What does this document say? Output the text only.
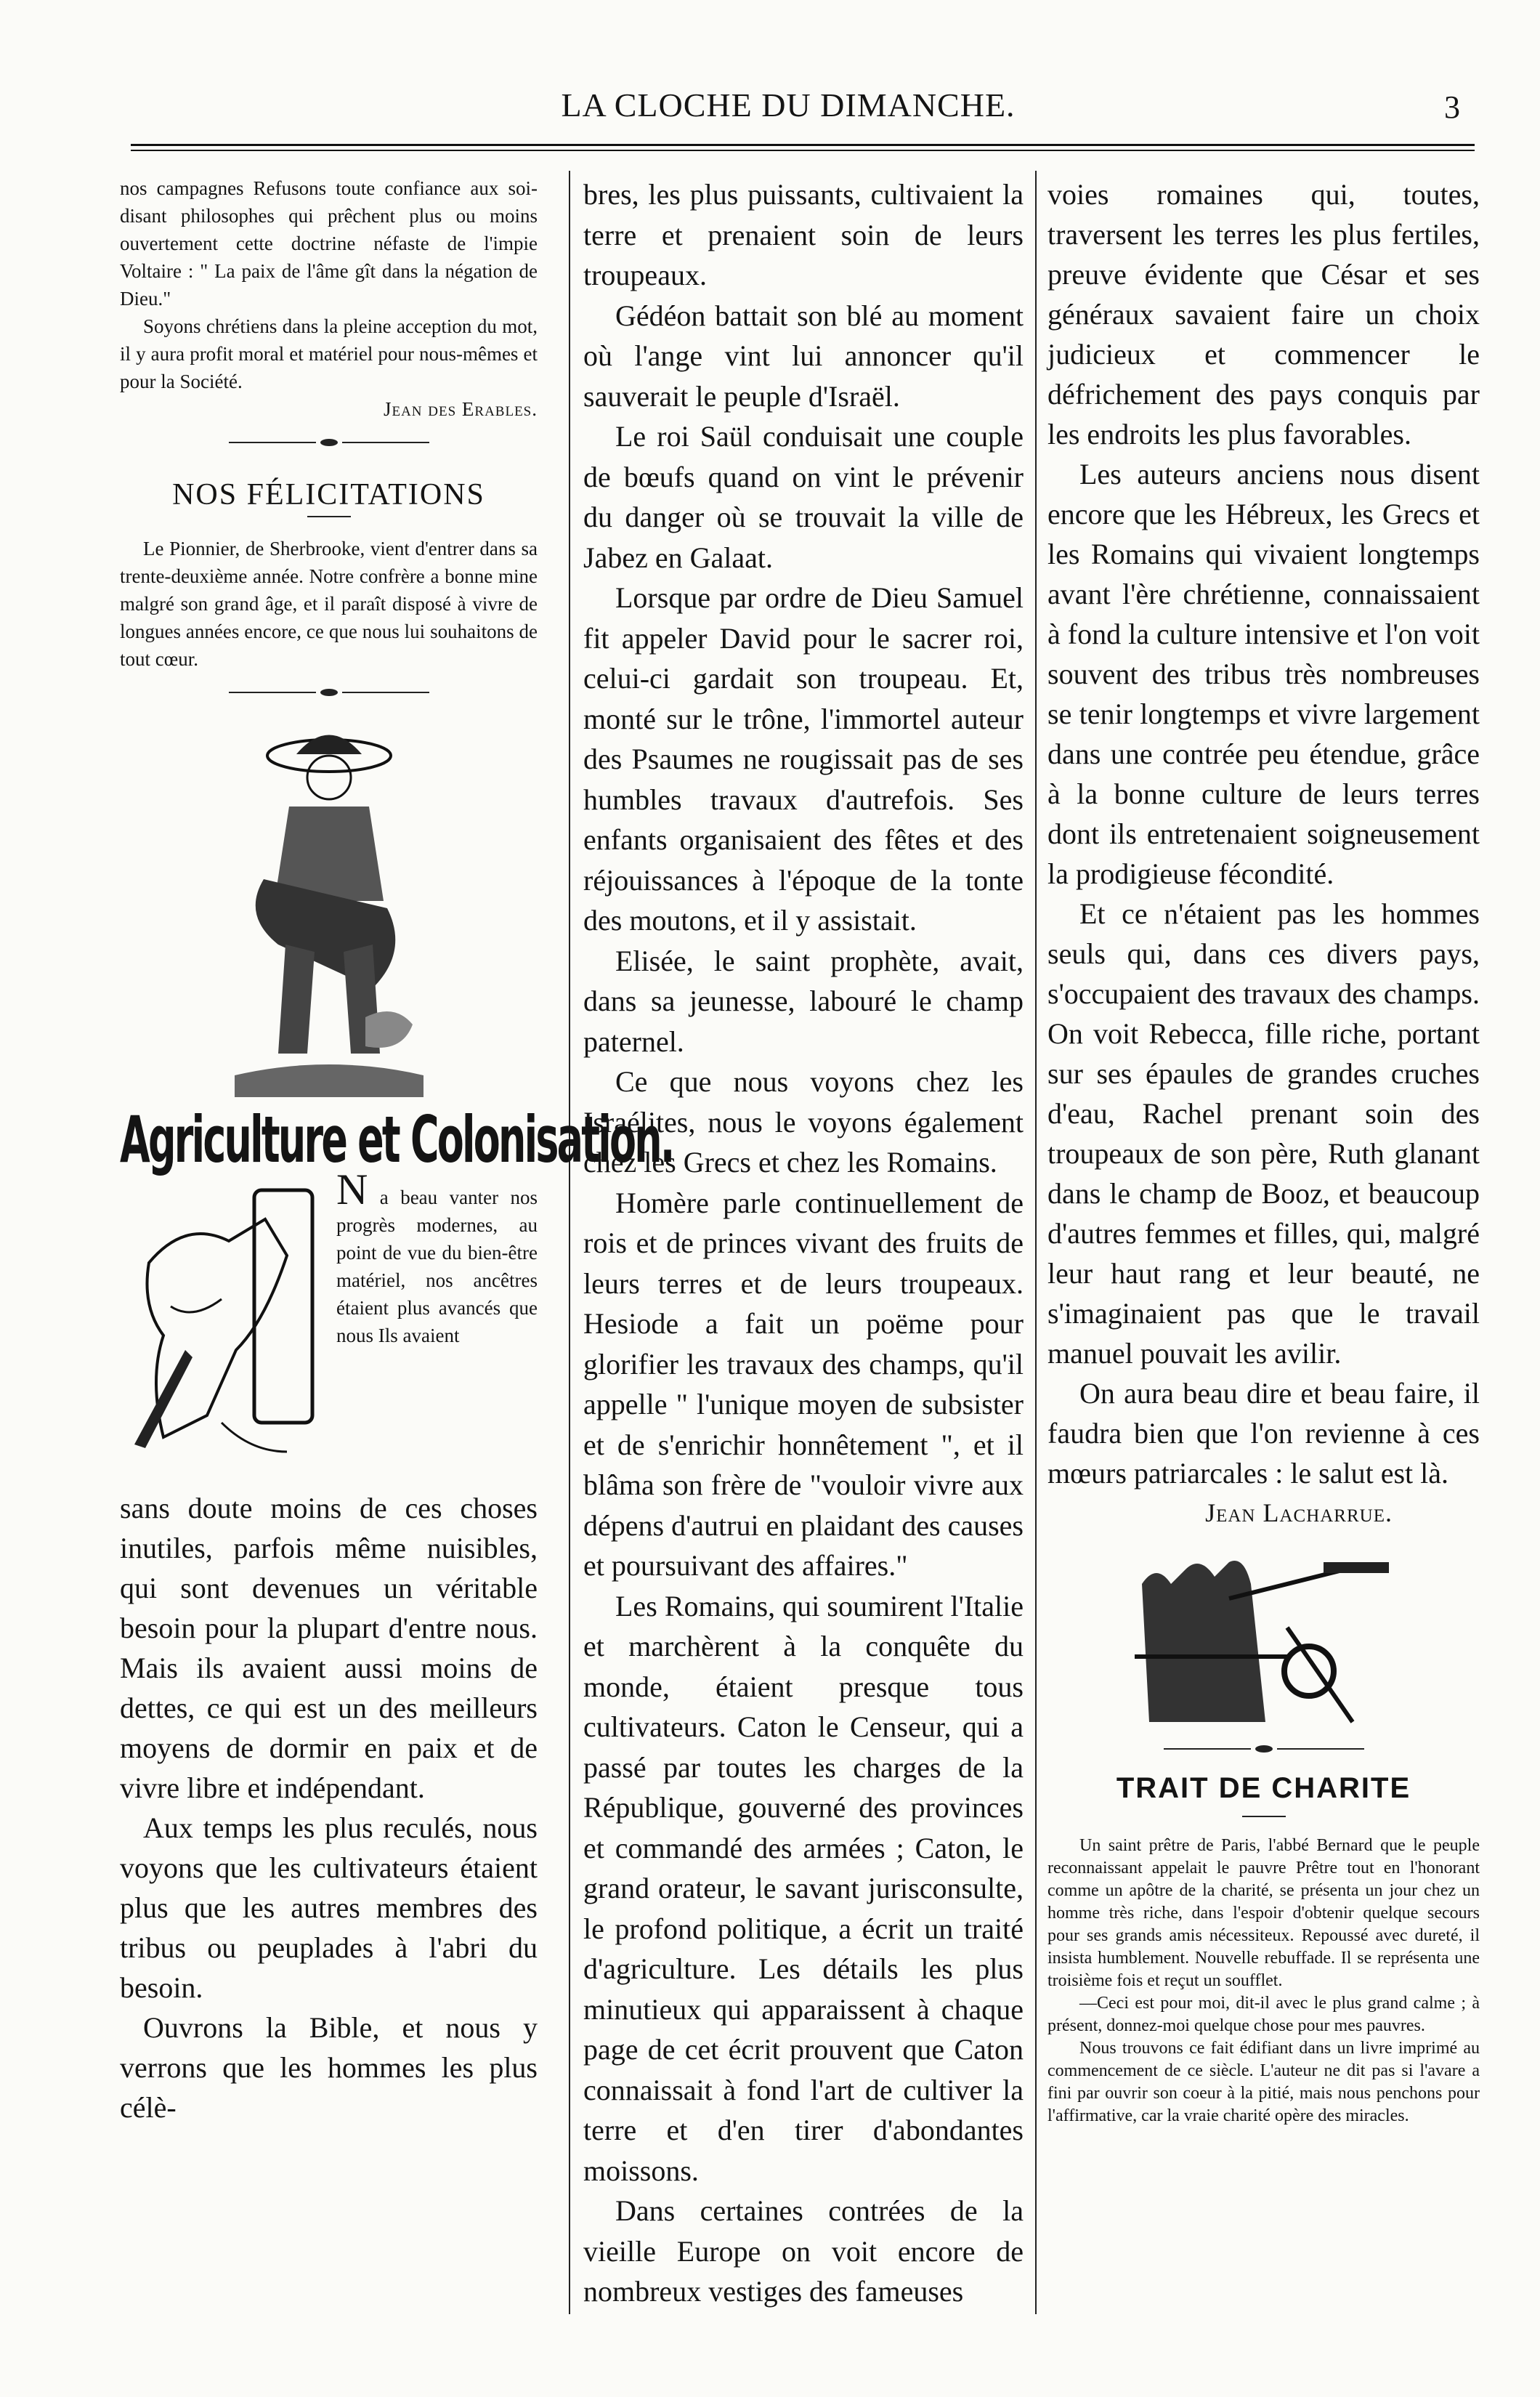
LA CLOCHE DU DIMANCHE.	3

nos campagnes Refusons toute confiance aux soi-disant philosophes qui prêchent plus ou moins ouvertement cette doctrine néfaste de l'impie Voltaire : " La paix de l'âme gît dans la négation de Dieu."

Soyons chrétiens dans la pleine acception du mot, il y aura profit moral et matériel pour nous-mêmes et pour la Société.

Jean des Erables.

NOS FÉLICITATIONS

Le Pionnier, de Sherbrooke, vient d'entrer dans sa trente-deuxième année. Notre confrère a bonne mine malgré son grand âge, et il paraît disposé à vivre de longues années encore, ce que nous lui souhaitons de tout cœur.

Agriculture et Colonisation.

N a beau vanter nos progrès modernes, au point de vue du bien-être matériel, nos ancêtres étaient plus avancés que nous Ils avaient

sans doute moins de ces choses inutiles, parfois même nuisibles, qui sont devenues un véritable besoin pour la plupart d'entre nous. Mais ils avaient aussi moins de dettes, ce qui est un des meilleurs moyens de dormir en paix et de vivre libre et indépendant.

Aux temps les plus reculés, nous voyons que les cultivateurs étaient plus que les autres membres des tribus ou peuplades à l'abri du besoin.

Ouvrons la Bible, et nous y verrons que les hommes les plus célè-

bres, les plus puissants, cultivaient la terre et prenaient soin de leurs troupeaux.

Gédéon battait son blé au moment où l'ange vint lui annoncer qu'il sauverait le peuple d'Israël.

Le roi Saül conduisait une couple de bœufs quand on vint le prévenir du danger où se trouvait la ville de Jabez en Galaat.

Lorsque par ordre de Dieu Samuel fit appeler David pour le sacrer roi, celui-ci gardait son troupeau. Et, monté sur le trône, l'immortel auteur des Psaumes ne rougissait pas de ses humbles travaux d'autrefois. Ses enfants organisaient des fêtes et des réjouissances à l'époque de la tonte des moutons, et il y assistait.

Elisée, le saint prophète, avait, dans sa jeunesse, labouré le champ paternel.

Ce que nous voyons chez les Israélites, nous le voyons également chez les Grecs et chez les Romains.

Homère parle continuellement de rois et de princes vivant des fruits de leurs terres et de leurs troupeaux. Hesiode a fait un poëme pour glorifier les travaux des champs, qu'il appelle " l'unique moyen de subsister et de s'enrichir honnêtement ", et il blâma son frère de "vouloir vivre aux dépens d'autrui en plaidant des causes et poursuivant des affaires."

Les Romains, qui soumirent l'Italie et marchèrent à la conquête du monde, étaient presque tous cultivateurs. Caton le Censeur, qui a passé par toutes les charges de la République, gouverné des provinces et commandé des armées ; Caton, le grand orateur, le savant jurisconsulte, le profond politique, a écrit un traité d'agriculture. Les détails les plus minutieux qui apparaissent à chaque page de cet écrit prouvent que Caton connaissait à fond l'art de cultiver la terre et d'en tirer d'abondantes moissons.

Dans certaines contrées de la vieille Europe on voit encore de nombreux vestiges des fameuses

voies romaines qui, toutes, traversent les terres les plus fertiles, preuve évidente que César et ses généraux savaient faire un choix judicieux et commencer le défrichement des pays conquis par les endroits les plus favorables.

Les auteurs anciens nous disent encore que les Hébreux, les Grecs et les Romains qui vivaient longtemps avant l'ère chrétienne, connaissaient à fond la culture intensive et l'on voit souvent des tribus très nombreuses se tenir longtemps et vivre largement dans une contrée peu étendue, grâce à la bonne culture de leurs terres dont ils entretenaient soigneusement la prodigieuse fécondité.

Et ce n'étaient pas les hommes seuls qui, dans ces divers pays, s'occupaient des travaux des champs. On voit Rebecca, fille riche, portant sur ses épaules de grandes cruches d'eau, Rachel prenant soin des troupeaux de son père, Ruth glanant dans le champ de Booz, et beaucoup d'autres femmes et filles, qui, malgré leur haut rang et leur beauté, ne s'imaginaient pas que le travail manuel pouvait les avilir.

On aura beau dire et beau faire, il faudra bien que l'on revienne à ces mœurs patriarcales : le salut est là.

Jean Lacharrue.

TRAIT DE CHARITE

Un saint prêtre de Paris, l'abbé Bernard que le peuple reconnaissant appelait le pauvre Prêtre tout en l'honorant comme un apôtre de la charité, se présenta un jour chez un homme très riche, dans l'espoir d'obtenir quelque secours pour ses grands amis nécessiteux. Repoussé avec dureté, il insista humblement. Nouvelle rebuffade. Il se représenta une troisième fois et reçut un soufflet.

—Ceci est pour moi, dit-il avec le plus grand calme ; à présent, donnez-moi quelque chose pour mes pauvres.

Nous trouvons ce fait édifiant dans un livre imprimé au commencement de ce siècle. L'auteur ne dit pas si l'avare a fini par ouvrir son coeur à la pitié, mais nous penchons pour l'affirmative, car la vraie charité opère des miracles.
